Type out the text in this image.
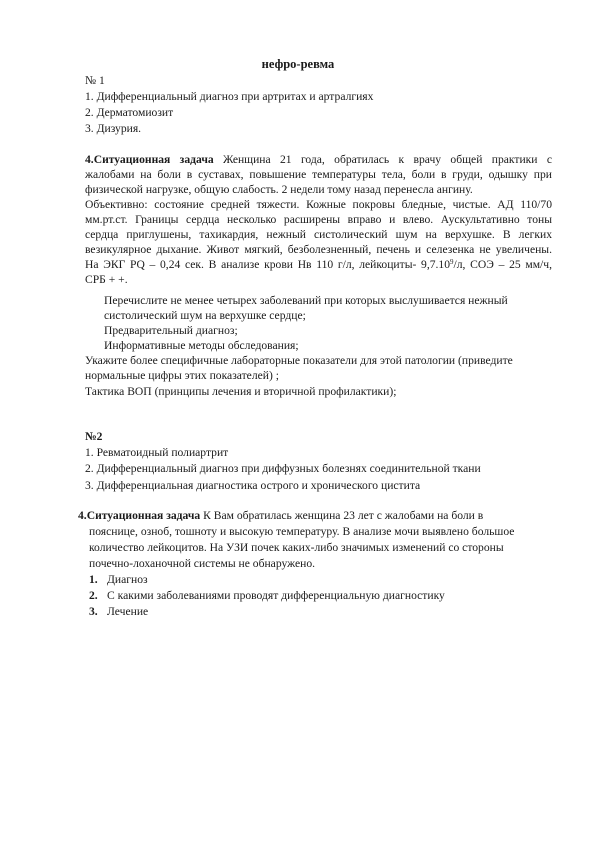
нефро-ревма
№ 1
1. Дифференциальный диагноз при артритах и артралгиях
2. Дерматомиозит
3. Дизурия.
4.Ситуационная задача Женщина 21 года, обратилась к врачу общей практики с
жалобами на боли в суставах, повышение температуры тела, боли в груди, одышку при
физической нагрузке, общую слабость. 2 недели тому назад перенесла ангину.
Объективно: состояние средней тяжести. Кожные покровы бледные, чистые. АД 110/70
мм.рт.ст. Границы сердца несколько расширены вправо и влево. Аускультативно тоны
сердца приглушены, тахикардия, нежный систолический шум на верхушке. В легких
везикулярное дыхание. Живот мягкий, безболезненный, печень и селезенка не увеличены.
На ЭКГ PQ – 0,24 сек. В анализе крови Нв 110 г/л, лейкоциты- 9,7.10$^9$/л, СОЭ – 25 мм/ч,
СРБ + +.
Перечислите не менее четырех заболеваний при которых выслушивается нежный
систолический шум на верхушке сердце;
Предварительный диагноз;
Информативные методы обследования;
Укажите более специфичные лабораторные показатели для этой патологии (приведите
нормальные цифры этих показателей) ;
Тактика ВОП (принципы лечения и вторичной профилактики);
№2
1. Ревматоидный полиартрит
2. Дифференциальный диагноз при диффузных болезнях соединительной ткани
3. Дифференциальная диагностика острого и хронического цистита
4.Ситуационная задача К Вам обратилась женщина 23 лет с жалобами на боли в
пояснице, озноб, тошноту и высокую температуру. В анализе мочи выявлено большое
количество лейкоцитов. На УЗИ почек каких-либо значимых изменений со стороны
почечно-лоханочной системы не обнаружено.
1. Диагноз
2. С какими заболеваниями проводят дифференциальную диагностику
3. Лечение
